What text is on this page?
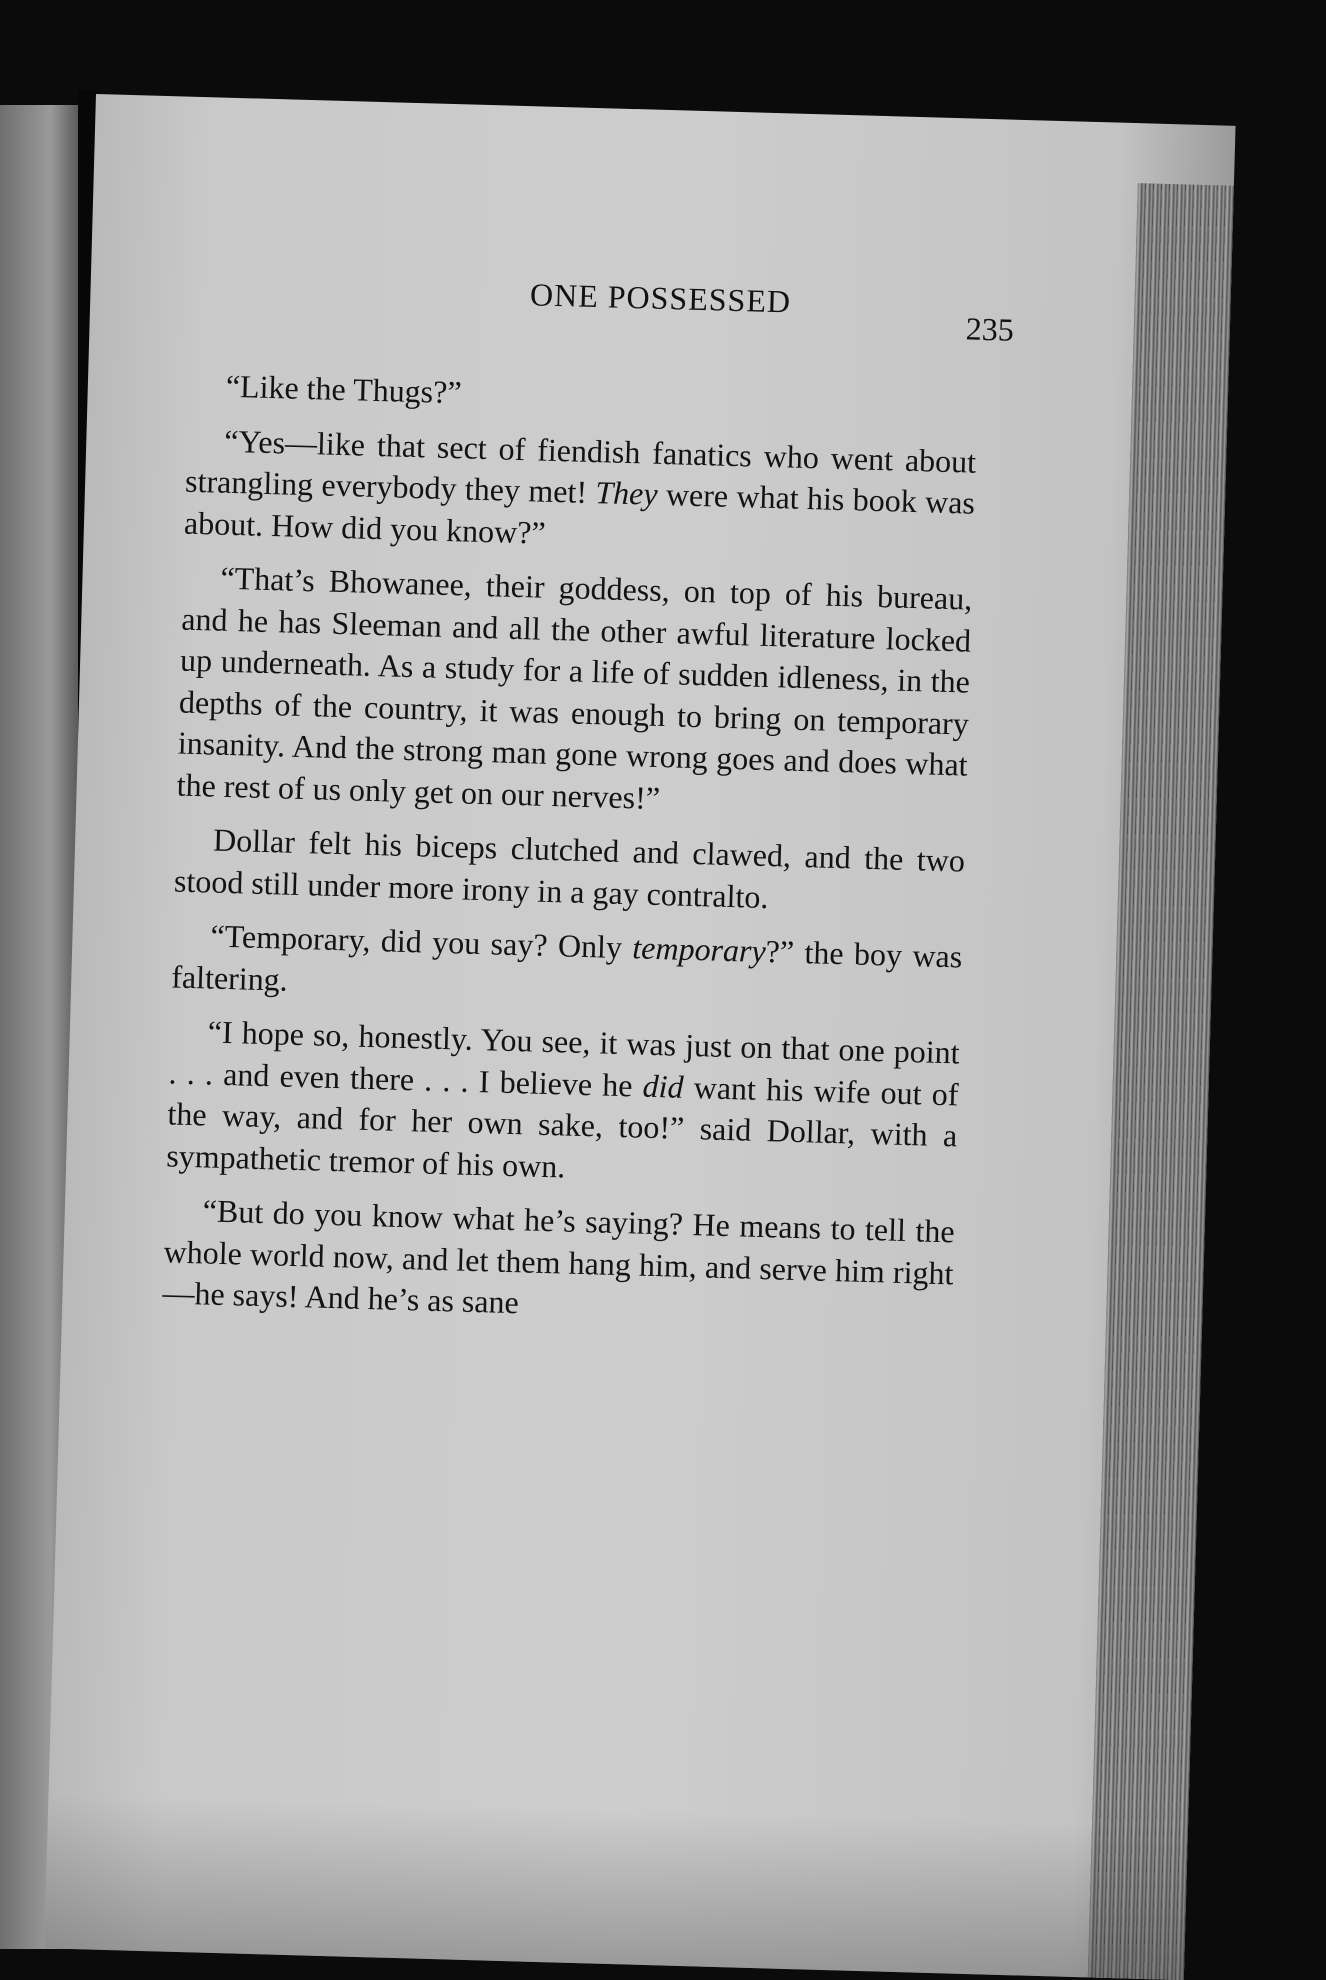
ONE POSSESSED
235

“Like the Thugs?”

“Yes—like that sect of fiendish fanatics who went about strangling everybody they met! They were what his book was about. How did you know?”

“That’s Bhowanee, their goddess, on top of his bureau, and he has Sleeman and all the other awful literature locked up underneath. As a study for a life of sudden idleness, in the depths of the country, it was enough to bring on temporary insanity. And the strong man gone wrong goes and does what the rest of us only get on our nerves!”

Dollar felt his biceps clutched and clawed, and the two stood still under more irony in a gay contralto.

“Temporary, did you say? Only temporary?” the boy was faltering.

“I hope so, honestly. You see, it was just on that one point . . . and even there . . . I believe he did want his wife out of the way, and for her own sake, too!” said Dollar, with a sympathetic tremor of his own.

“But do you know what he’s saying? He means to tell the whole world now, and let them hang him, and serve him right—he says! And he’s as sane
